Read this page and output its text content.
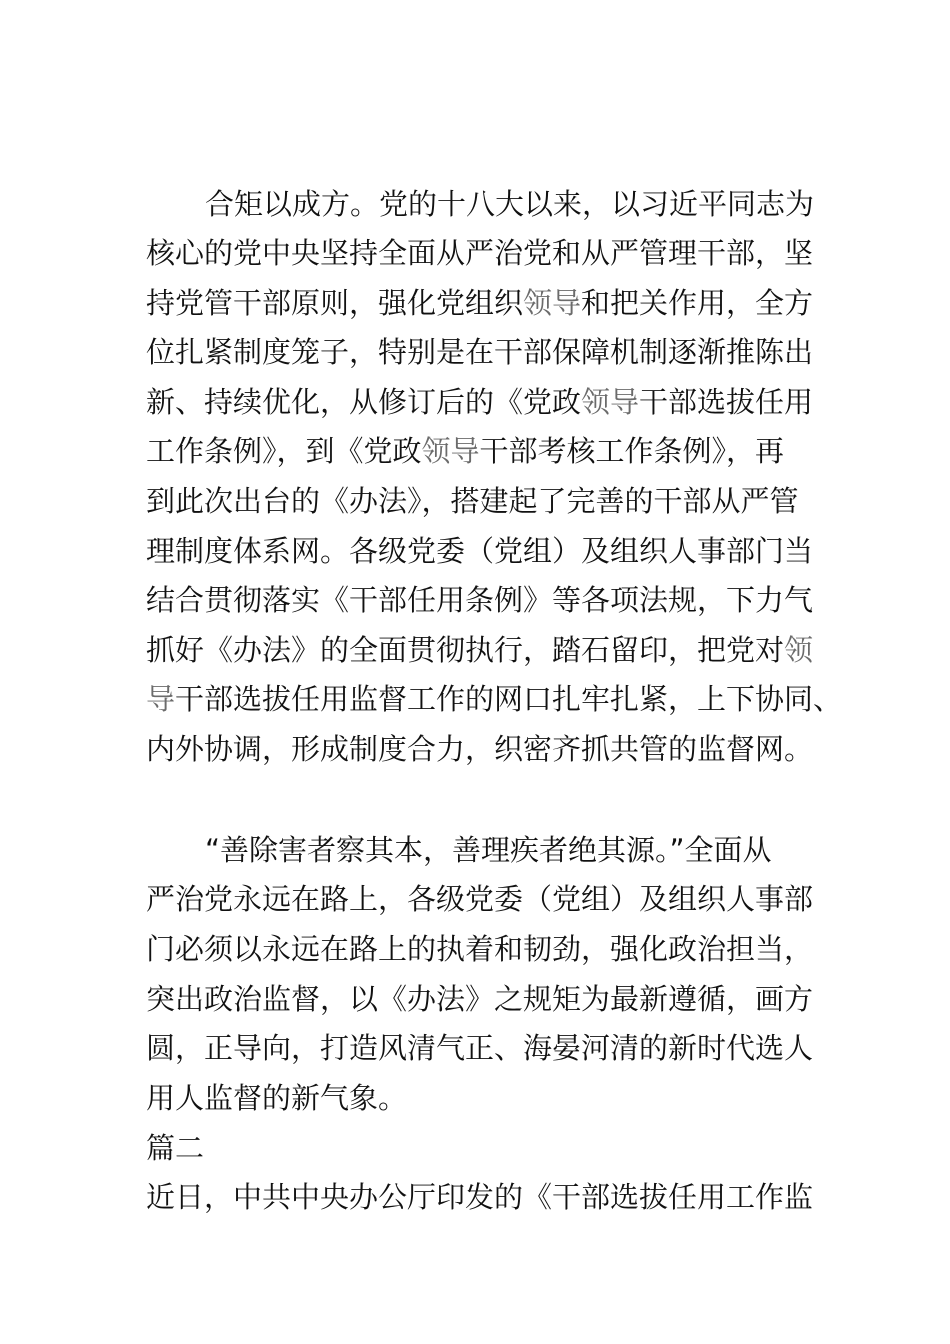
合矩以成方。党的十八大以来，以习近平同志为
核心的党中央坚持全面从严治党和从严管理干部，坚
持党管干部原则，强化党组织领导和把关作用，全方
位扎紧制度笼子，特别是在干部保障机制逐渐推陈出
新、持续优化，从修订后的《党政领导干部选拔任用
工作条例》，到《党政领导干部考核工作条例》，再
到此次出台的《办法》，搭建起了完善的干部从严管
理制度体系网。各级党委（党组）及组织人事部门当
结合贯彻落实《干部任用条例》等各项法规，下力气
抓好《办法》的全面贯彻执行，踏石留印，把党对领
导干部选拔任用监督工作的网口扎牢扎紧，上下协同、
内外协调，形成制度合力，织密齐抓共管的监督网。
“善除害者察其本，善理疾者绝其源。”全面从
严治党永远在路上，各级党委（党组）及组织人事部
门必须以永远在路上的执着和韧劲，强化政治担当，
突出政治监督，以《办法》之规矩为最新遵循，画方
圆，正导向，打造风清气正、海晏河清的新时代选人
用人监督的新气象。
篇二
近日，中共中央办公厅印发的《干部选拔任用工作监
